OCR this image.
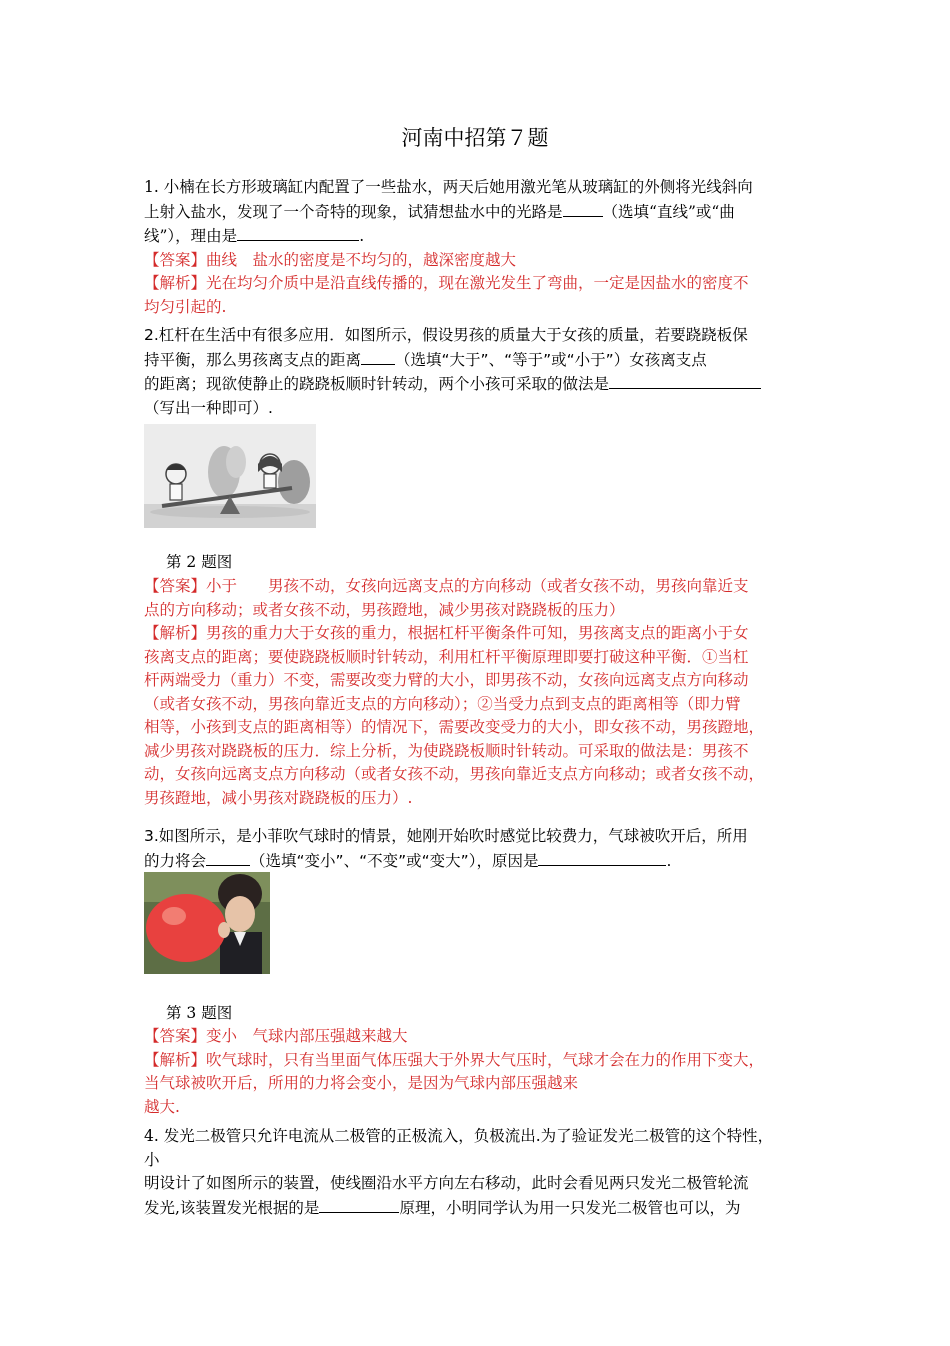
河南中招第７题
1. 小楠在长方形玻璃缸内配置了一些盐水，两天后她用激光笔从玻璃缸的外侧将光线斜向
上射入盐水，发现了一个奇特的现象，试猜想盐水中的光路是	（选填“直线”或“曲
线”），理由是	.
【答案】曲线　盐水的密度是不均匀的，越深密度越大
【解析】光在均匀介质中是沿直线传播的，现在激光发生了弯曲，一定是因盐水的密度不
均匀引起的.
2.杠杆在生活中有很多应用．如图所示，假设男孩的质量大于女孩的质量，若要跷跷板保
持平衡，那么男孩离支点的距离 （选填“大于”、“等于”或“小于”）女孩离支点
的距离；现欲使静止的跷跷板顺时针转动，两个小孩可采取的做法是
（写出一种即可）.
第 2 题图
【答案】小于　　男孩不动，女孩向远离支点的方向移动（或者女孩不动，男孩向靠近支
点的方向移动；或者女孩不动，男孩蹬地，减少男孩对跷跷板的压力）
【解析】男孩的重力大于女孩的重力，根据杠杆平衡条件可知，男孩离支点的距离小于女
孩离支点的距离；要使跷跷板顺时针转动，利用杠杆平衡原理即要打破这种平衡．①当杠
杆两端受力（重力）不变，需要改变力臂的大小，即男孩不动，女孩向远离支点方向移动
（或者女孩不动，男孩向靠近支点的方向移动）；②当受力点到支点的距离相等（即力臂
相等，小孩到支点的距离相等）的情况下，需要改变受力的大小，即女孩不动，男孩蹬地，
减少男孩对跷跷板的压力．综上分析，为使跷跷板顺时针转动。可采取的做法是：男孩不
动，女孩向远离支点方向移动（或者女孩不动，男孩向靠近支点方向移动；或者女孩不动，
男孩蹬地，减小男孩对跷跷板的压力）.
3.如图所示，是小菲吹气球时的情景，她刚开始吹时感觉比较费力，气球被吹开后，所用
的力将会	（选填“变小”、“不变”或“变大”），原因是	.
第 3 题图
【答案】变小　气球内部压强越来越大
【解析】吹气球时，只有当里面气体压强大于外界大气压时，气球才会在力的作用下变大，
当气球被吹开后，所用的力将会变小，是因为气球内部压强越来
越大.
4. 发光二极管只允许电流从二极管的正极流入，负极流出.为了验证发光二极管的这个特性，
小
明设计了如图所示的装置，使线圈沿水平方向左右移动，此时会看见两只发光二极管轮流
发光,该装置发光根据的是	原理，小明同学认为用一只发光二极管也可以，为
